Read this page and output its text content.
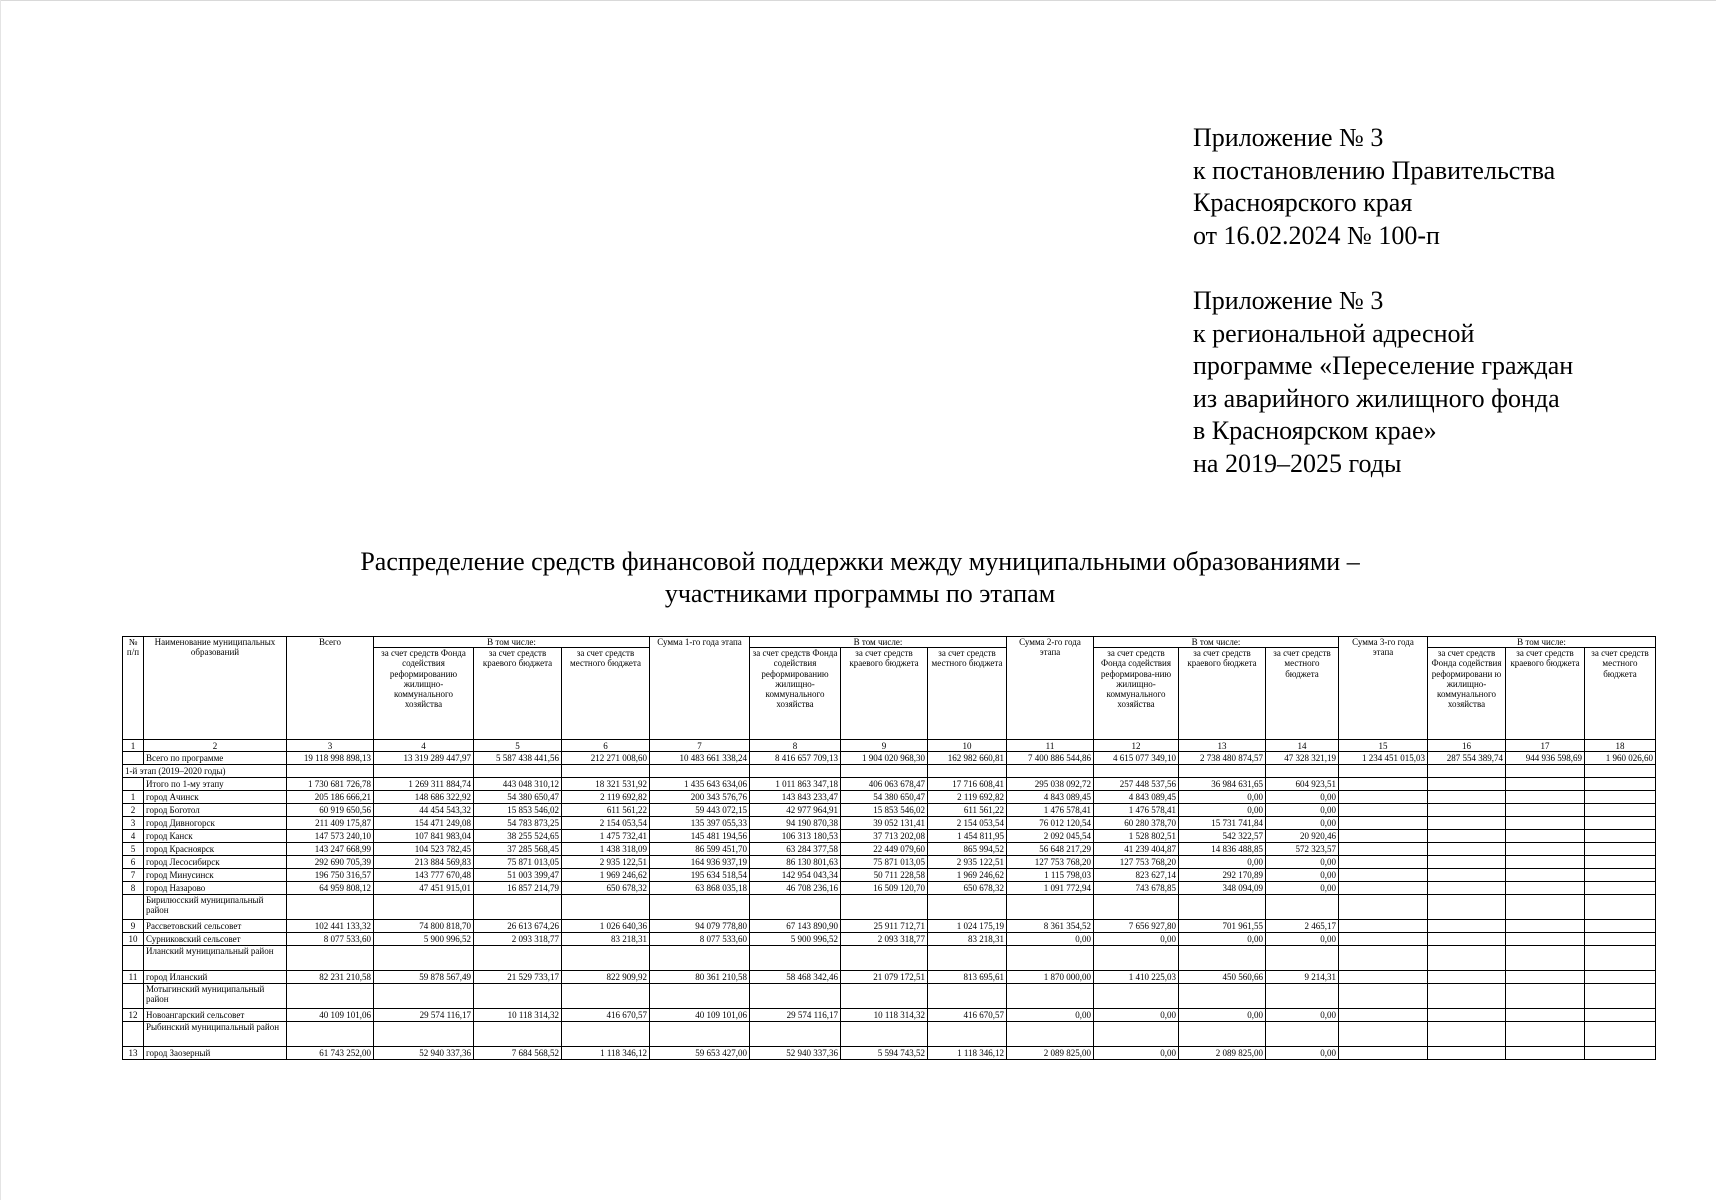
Приложение № 3
к постановлению Правительства
Красноярского края
от 16.02.2024 № 100-п
Приложение № 3
к региональной адресной
программе «Переселение граждан
из аварийного жилищного фонда
в Красноярском крае»
на 2019–2025 годы
Распределение средств финансовой поддержки между муниципальными образованиями –
участниками программы по этапам
№ п/п	Наименование муниципальных образований	Всего	В том числе:			Сумма 1-го года этапа	В том числе:			Сумма 2-го года этапа	В том числе:			Сумма 3-го года этапа	В том числе:		
			за счет средств Фонда содействия реформированию жилищно-коммунального хозяйства	за счет средств краевого бюджета	за счет средств местного бюджета		за счет средств Фонда содействия реформированию жилищно-коммунального хозяйства	за счет средств краевого бюджета	за счет средств местного бюджета		за счет средств Фонда содействия реформирова-нию жилищно-коммунального хозяйства	за счет средств краевого бюджета	за счет средств местного бюджета		за счет средств Фонда содействия реформировани ю жилищно-коммунального хозяйства	за счет средств краевого бюджета	за счет средств местного бюджета
1	2	3	4	5	6	7	8	9	10	11	12	13	14	15	16	17	18
	Всего по программе	19 118 998 898,13	13 319 289 447,97	5 587 438 441,56	212 271 008,60	10 483 661 338,24	8 416 657 709,13	1 904 020 968,30	162 982 660,81	7 400 886 544,86	4 615 077 349,10	2 738 480 874,57	47 328 321,19	1 234 451 015,03	287 554 389,74	944 936 598,69	1 960 026,60
1-й этап (2019–2020 годы)																	
	Итого по 1-му этапу	1 730 681 726,78	1 269 311 884,74	443 048 310,12	18 321 531,92	1 435 643 634,06	1 011 863 347,18	406 063 678,47	17 716 608,41	295 038 092,72	257 448 537,56	36 984 631,65	604 923,51				
1	город Ачинск	205 186 666,21	148 686 322,92	54 380 650,47	2 119 692,82	200 343 576,76	143 843 233,47	54 380 650,47	2 119 692,82	4 843 089,45	4 843 089,45	0,00	0,00				
2	город Боготол	60 919 650,56	44 454 543,32	15 853 546,02	611 561,22	59 443 072,15	42 977 964,91	15 853 546,02	611 561,22	1 476 578,41	1 476 578,41	0,00	0,00				
3	город Дивногорск	211 409 175,87	154 471 249,08	54 783 873,25	2 154 053,54	135 397 055,33	94 190 870,38	39 052 131,41	2 154 053,54	76 012 120,54	60 280 378,70	15 731 741,84	0,00				
4	город Канск	147 573 240,10	107 841 983,04	38 255 524,65	1 475 732,41	145 481 194,56	106 313 180,53	37 713 202,08	1 454 811,95	2 092 045,54	1 528 802,51	542 322,57	20 920,46				
5	город Красноярск	143 247 668,99	104 523 782,45	37 285 568,45	1 438 318,09	86 599 451,70	63 284 377,58	22 449 079,60	865 994,52	56 648 217,29	41 239 404,87	14 836 488,85	572 323,57				
6	город Лесосибирск	292 690 705,39	213 884 569,83	75 871 013,05	2 935 122,51	164 936 937,19	86 130 801,63	75 871 013,05	2 935 122,51	127 753 768,20	127 753 768,20	0,00	0,00				
7	город Минусинск	196 750 316,57	143 777 670,48	51 003 399,47	1 969 246,62	195 634 518,54	142 954 043,34	50 711 228,58	1 969 246,62	1 115 798,03	823 627,14	292 170,89	0,00				
8	город Назарово	64 959 808,12	47 451 915,01	16 857 214,79	650 678,32	63 868 035,18	46 708 236,16	16 509 120,70	650 678,32	1 091 772,94	743 678,85	348 094,09	0,00				
	Бирилюсский муниципальный район																
9	Рассветовский сельсовет	102 441 133,32	74 800 818,70	26 613 674,26	1 026 640,36	94 079 778,80	67 143 890,90	25 911 712,71	1 024 175,19	8 361 354,52	7 656 927,80	701 961,55	2 465,17				
10	Сурниковский сельсовет	8 077 533,60	5 900 996,52	2 093 318,77	83 218,31	8 077 533,60	5 900 996,52	2 093 318,77	83 218,31	0,00	0,00	0,00	0,00				
	Иланский муниципальный район																
11	город Иланский	82 231 210,58	59 878 567,49	21 529 733,17	822 909,92	80 361 210,58	58 468 342,46	21 079 172,51	813 695,61	1 870 000,00	1 410 225,03	450 560,66	9 214,31				
	Мотыгинский муниципальный район																
12	Новоангарский сельсовет	40 109 101,06	29 574 116,17	10 118 314,32	416 670,57	40 109 101,06	29 574 116,17	10 118 314,32	416 670,57	0,00	0,00	0,00	0,00				
	Рыбинский муниципальный район																
13	город Заозерный	61 743 252,00	52 940 337,36	7 684 568,52	1 118 346,12	59 653 427,00	52 940 337,36	5 594 743,52	1 118 346,12	2 089 825,00	0,00	2 089 825,00	0,00				
